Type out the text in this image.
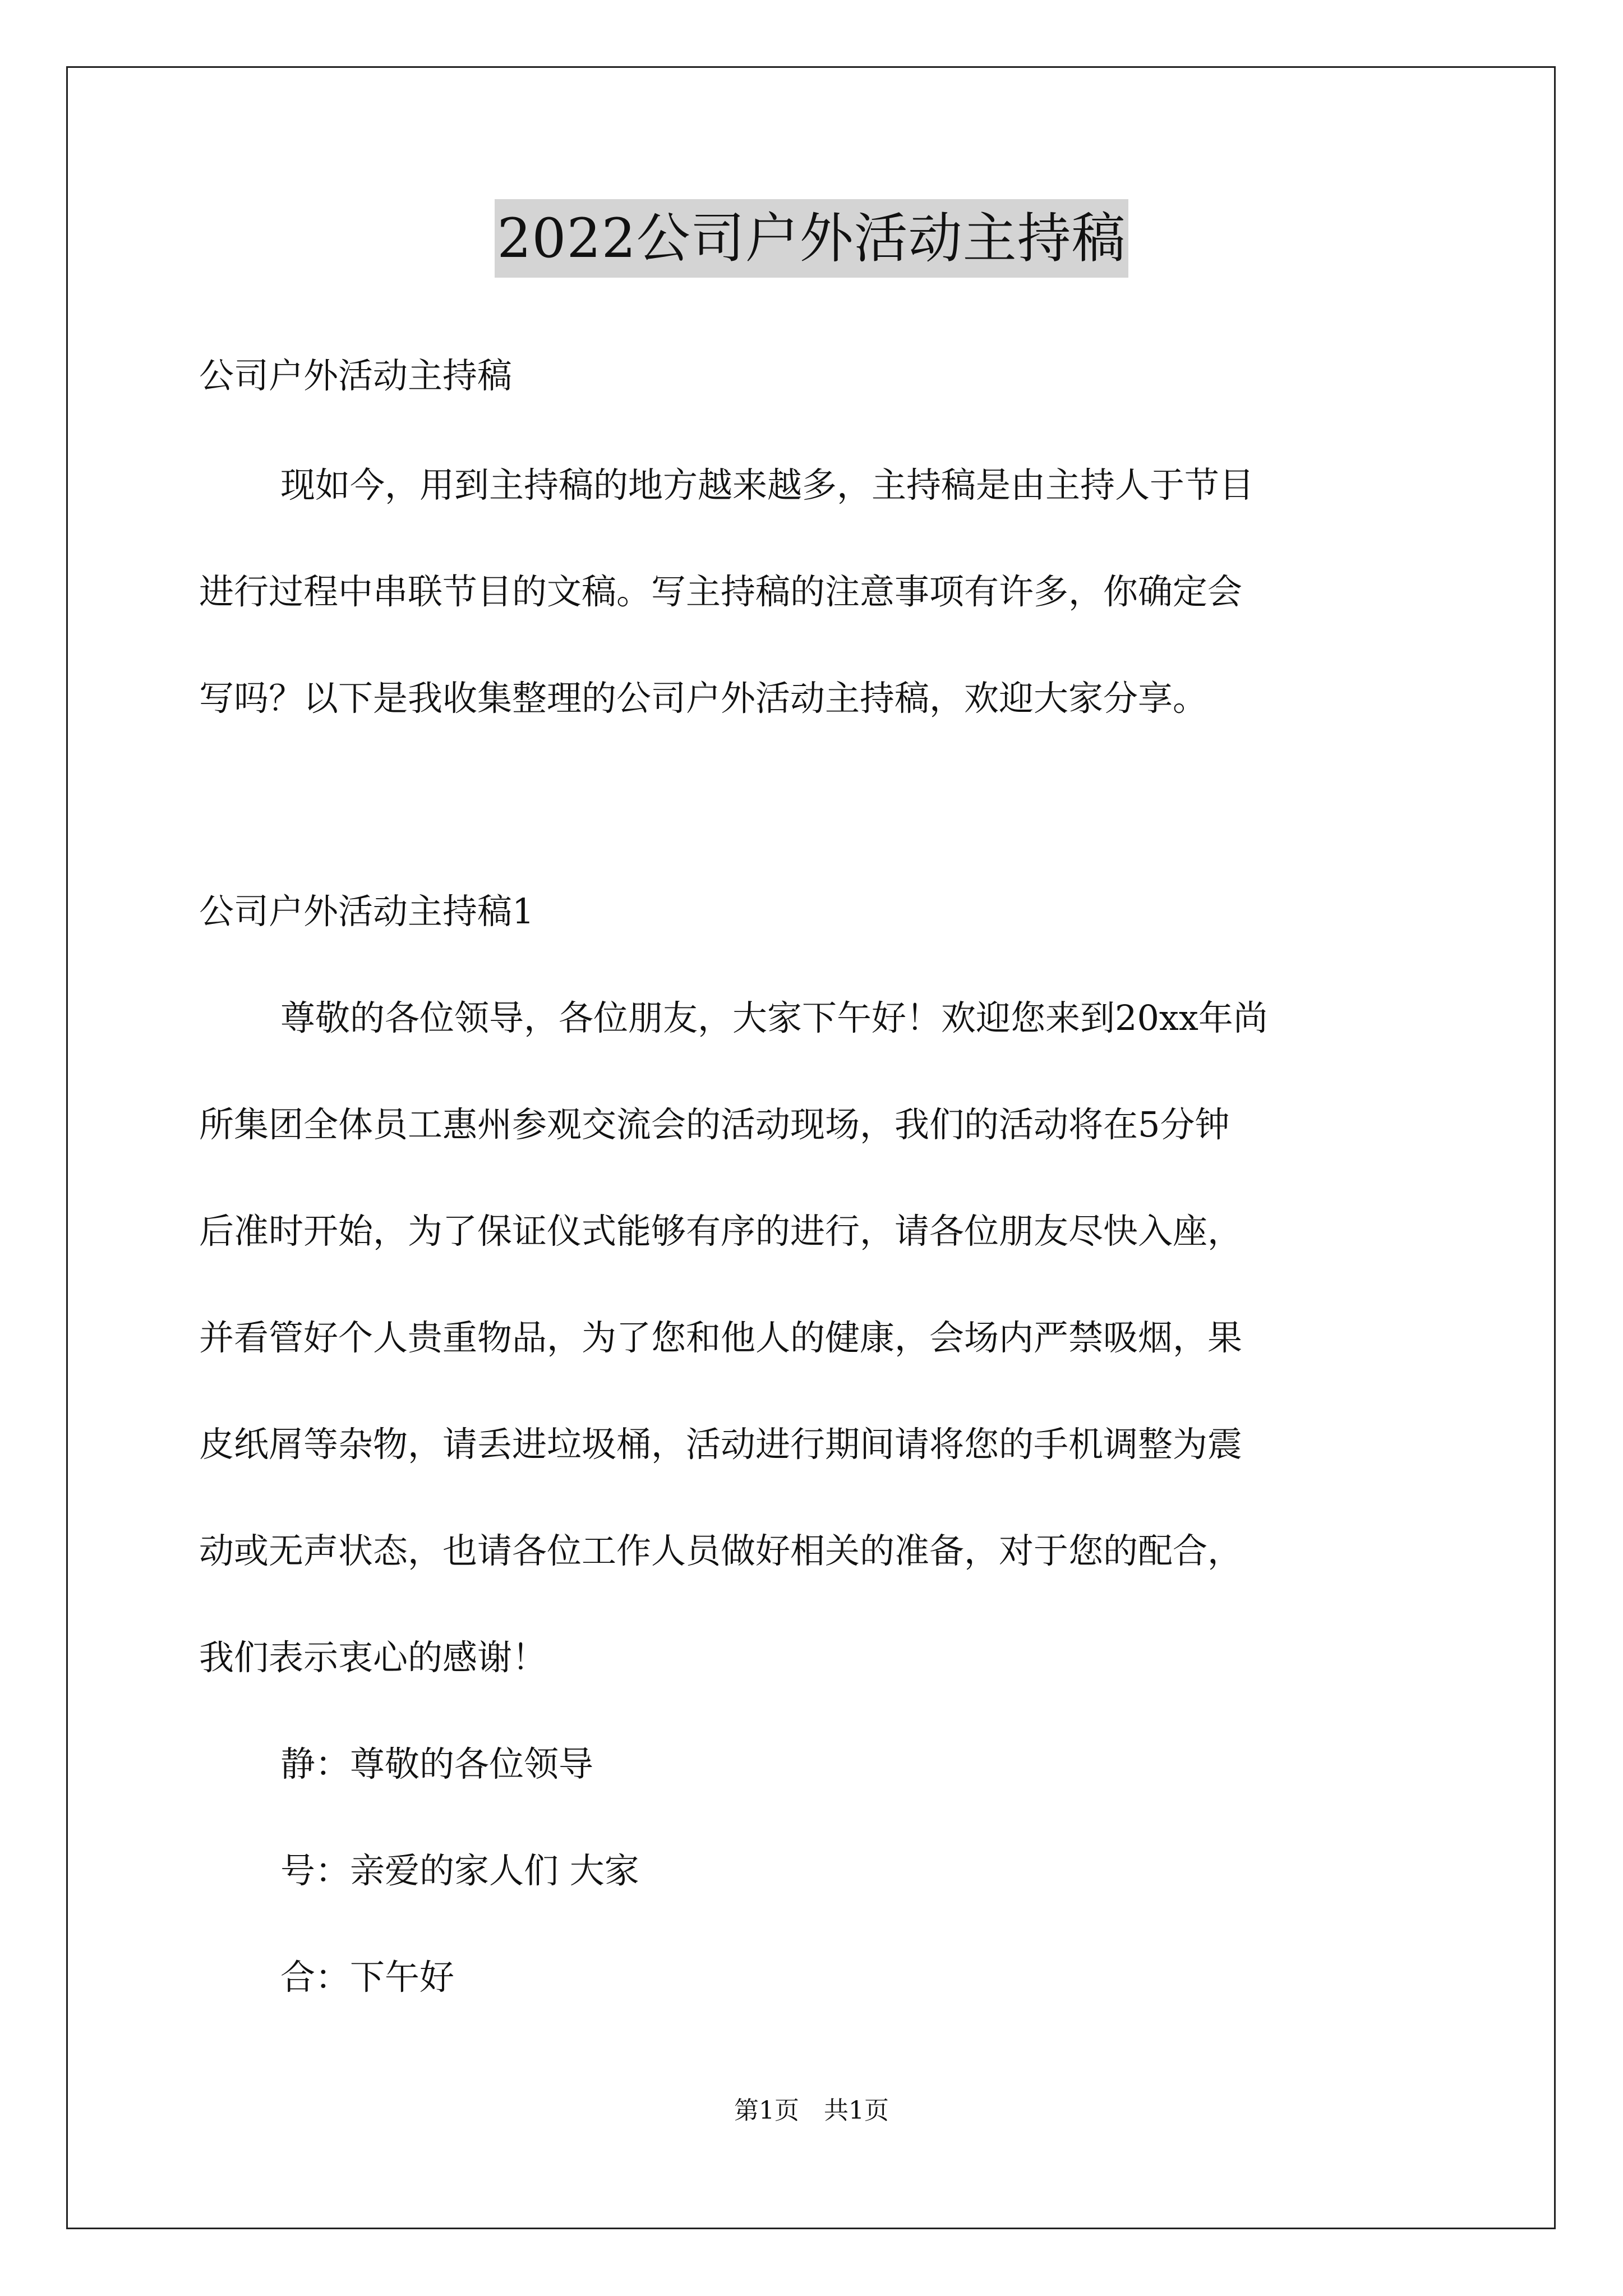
2022公司户外活动主持稿

公司户外活动主持稿

现如今，用到主持稿的地方越来越多，主持稿是由主持人于节目

进行过程中串联节目的文稿。写主持稿的注意事项有许多，你确定会

写吗？以下是我收集整理的公司户外活动主持稿，欢迎大家分享。

公司户外活动主持稿1

尊敬的各位领导，各位朋友，大家下午好！欢迎您来到20xx年尚

所集团全体员工惠州参观交流会的活动现场，我们的活动将在5分钟

后准时开始，为了保证仪式能够有序的进行，请各位朋友尽快入座，

并看管好个人贵重物品，为了您和他人的健康，会场内严禁吸烟，果

皮纸屑等杂物，请丢进垃圾桶，活动进行期间请将您的手机调整为震

动或无声状态，也请各位工作人员做好相关的准备，对于您的配合，

我们表示衷心的感谢！

静：尊敬的各位领导

号：亲爱的家人们 大家

合：下午好

第1页　共1页
